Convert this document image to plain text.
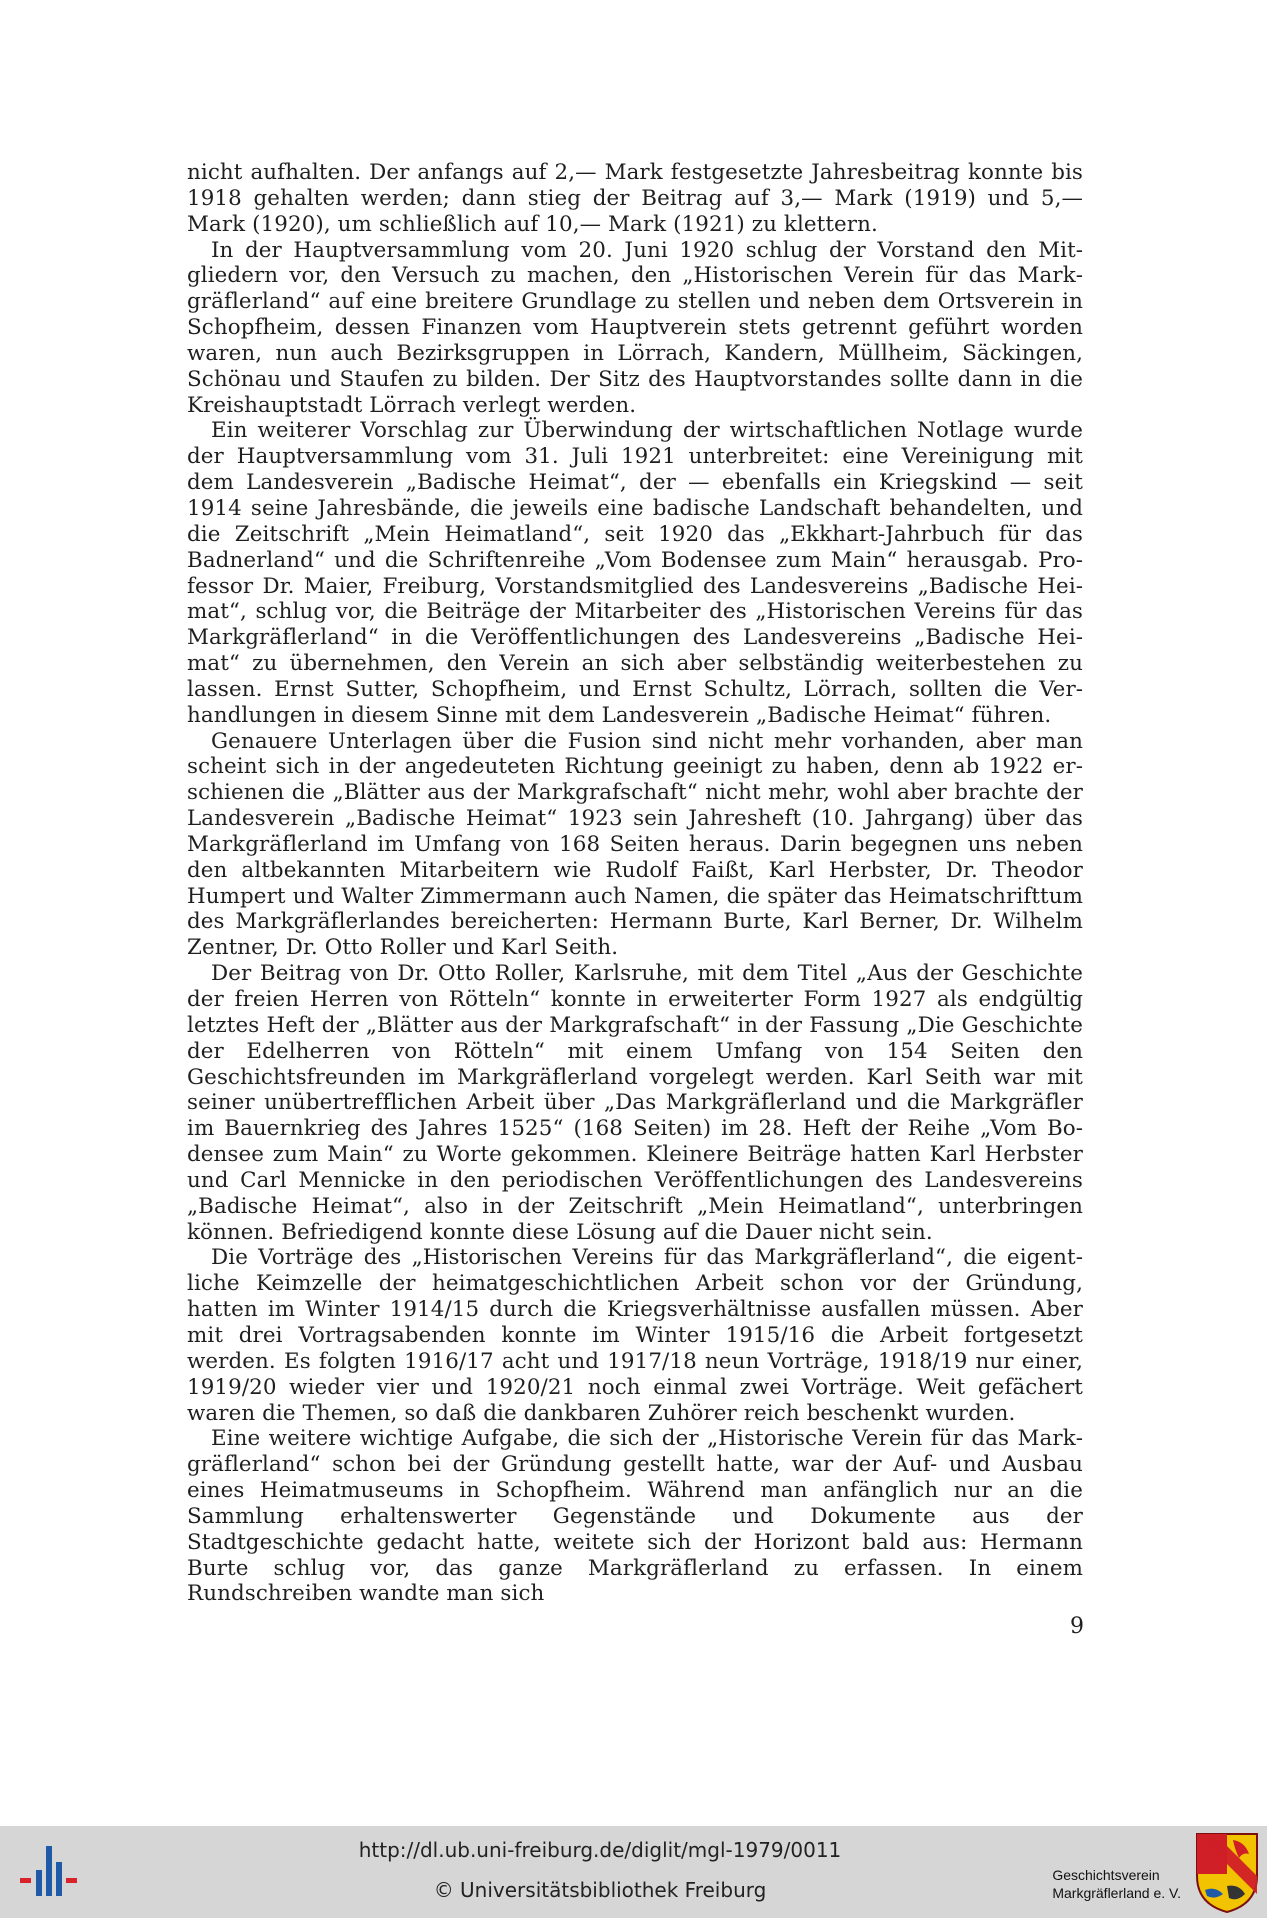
nicht aufhalten. Der anfangs auf 2,— Mark festgesetzte Jahresbeitrag konnte bis 1918 gehalten werden; dann stieg der Beitrag auf 3,— Mark (1919) und 5,— Mark (1920), um schließlich auf 10,— Mark (1921) zu klettern.

In der Hauptversammlung vom 20. Juni 1920 schlug der Vorstand den Mitgliedern vor, den Versuch zu machen, den „Historischen Verein für das Markgräflerland“ auf eine breitere Grundlage zu stellen und neben dem Ortsverein in Schopfheim, dessen Finanzen vom Hauptverein stets getrennt geführt worden waren, nun auch Bezirksgruppen in Lörrach, Kandern, Müllheim, Säckingen, Schönau und Staufen zu bilden. Der Sitz des Hauptvorstandes sollte dann in die Kreishauptstadt Lörrach verlegt werden.

Ein weiterer Vorschlag zur Überwindung der wirtschaftlichen Notlage wurde der Hauptversammlung vom 31. Juli 1921 unterbreitet: eine Vereinigung mit dem Landesverein „Badische Heimat“, der — ebenfalls ein Kriegskind — seit 1914 seine Jahresbände, die jeweils eine badische Landschaft behandelten, und die Zeitschrift „Mein Heimatland“, seit 1920 das „Ekkhart-Jahrbuch für das Badnerland“ und die Schriftenreihe „Vom Bodensee zum Main“ herausgab. Professor Dr. Maier, Freiburg, Vorstandsmitglied des Landesvereins „Badische Heimat“, schlug vor, die Beiträge der Mitarbeiter des „Historischen Vereins für das Markgräflerland“ in die Veröffentlichungen des Landesvereins „Badische Heimat“ zu übernehmen, den Verein an sich aber selbständig weiterbestehen zu lassen. Ernst Sutter, Schopfheim, und Ernst Schultz, Lörrach, sollten die Verhandlungen in diesem Sinne mit dem Landesverein „Badische Heimat“ führen.

Genauere Unterlagen über die Fusion sind nicht mehr vorhanden, aber man scheint sich in der angedeuteten Richtung geeinigt zu haben, denn ab 1922 erschienen die „Blätter aus der Markgrafschaft“ nicht mehr, wohl aber brachte der Landesverein „Badische Heimat“ 1923 sein Jahresheft (10. Jahrgang) über das Markgräflerland im Umfang von 168 Seiten heraus. Darin begegnen uns neben den altbekannten Mitarbeitern wie Rudolf Faißt, Karl Herbster, Dr. Theodor Humpert und Walter Zimmermann auch Namen, die später das Heimatschrifttum des Markgräflerlandes bereicherten: Hermann Burte, Karl Berner, Dr. Wilhelm Zentner, Dr. Otto Roller und Karl Seith.

Der Beitrag von Dr. Otto Roller, Karlsruhe, mit dem Titel „Aus der Geschichte der freien Herren von Rötteln“ konnte in erweiterter Form 1927 als endgültig letztes Heft der „Blätter aus der Markgrafschaft“ in der Fassung „Die Geschichte der Edelherren von Rötteln“ mit einem Umfang von 154 Seiten den Geschichtsfreunden im Markgräflerland vorgelegt werden. Karl Seith war mit seiner unübertrefflichen Arbeit über „Das Markgräflerland und die Markgräfler im Bauernkrieg des Jahres 1525“ (168 Seiten) im 28. Heft der Reihe „Vom Bodensee zum Main“ zu Worte gekommen. Kleinere Beiträge hatten Karl Herbster und Carl Mennicke in den periodischen Veröffentlichungen des Landesvereins „Badische Heimat“, also in der Zeitschrift „Mein Heimatland“, unterbringen können. Befriedigend konnte diese Lösung auf die Dauer nicht sein.

Die Vorträge des „Historischen Vereins für das Markgräflerland“, die eigentliche Keimzelle der heimatgeschichtlichen Arbeit schon vor der Gründung, hatten im Winter 1914/15 durch die Kriegsverhältnisse ausfallen müssen. Aber mit drei Vortragsabenden konnte im Winter 1915/16 die Arbeit fortgesetzt werden. Es folgten 1916/17 acht und 1917/18 neun Vorträge, 1918/19 nur einer, 1919/20 wieder vier und 1920/21 noch einmal zwei Vorträge. Weit gefächert waren die Themen, so daß die dankbaren Zuhörer reich beschenkt wurden.

Eine weitere wichtige Aufgabe, die sich der „Historische Verein für das Markgräflerland“ schon bei der Gründung gestellt hatte, war der Auf- und Ausbau eines Heimatmuseums in Schopfheim. Während man anfänglich nur an die Sammlung erhaltenswerter Gegenstände und Dokumente aus der Stadtgeschichte gedacht hatte, weitete sich der Horizont bald aus: Hermann Burte schlug vor, das ganze Markgräflerland zu erfassen. In einem Rundschreiben wandte man sich

9
http://dl.ub.uni-freiburg.de/diglit/mgl-1979/0011
© Universitätsbibliothek Freiburg
Geschichtsverein
Markgräflerland e. V.
